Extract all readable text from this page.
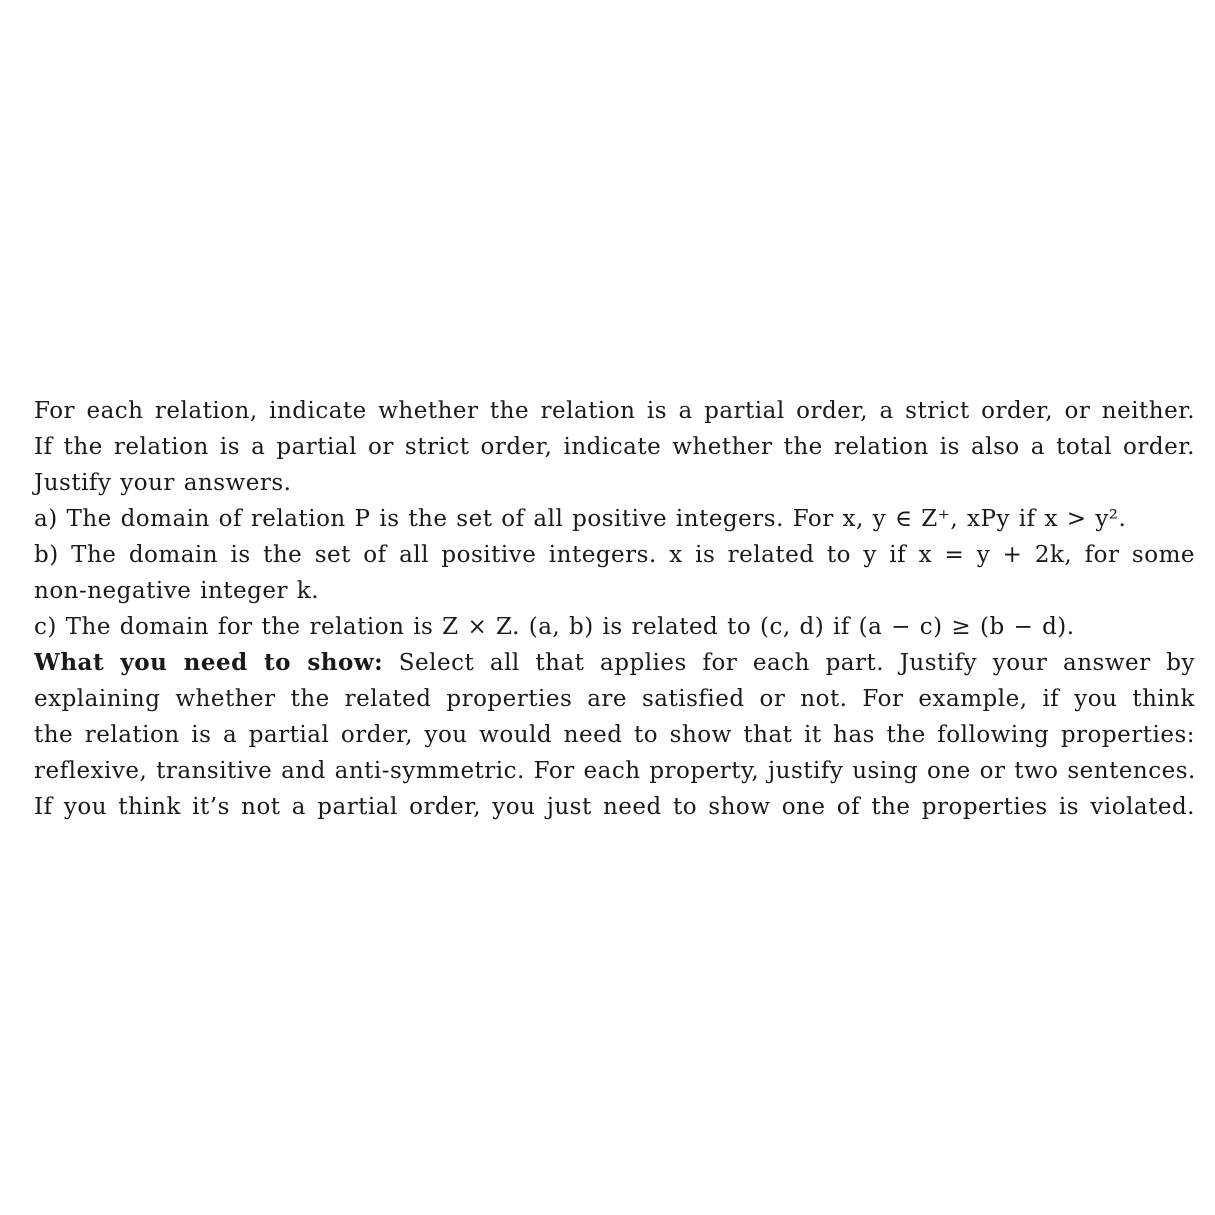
For each relation, indicate whether the relation is a partial order, a strict order, or neither.
If the relation is a partial or strict order, indicate whether the relation is also a total order.
Justify your answers.
a) The domain of relation P is the set of all positive integers. For x, y ∈ Z⁺, xPy if x > y².
b) The domain is the set of all positive integers. x is related to y if x = y + 2k, for some
non-negative integer k.
c) The domain for the relation is Z × Z. (a, b) is related to (c, d) if (a − c) ≥ (b − d).
What you need to show: Select all that applies for each part. Justify your answer by
explaining whether the related properties are satisfied or not. For example, if you think
the relation is a partial order, you would need to show that it has the following properties:
reflexive, transitive and anti-symmetric. For each property, justify using one or two sentences.
If you think it’s not a partial order, you just need to show one of the properties is violated.
